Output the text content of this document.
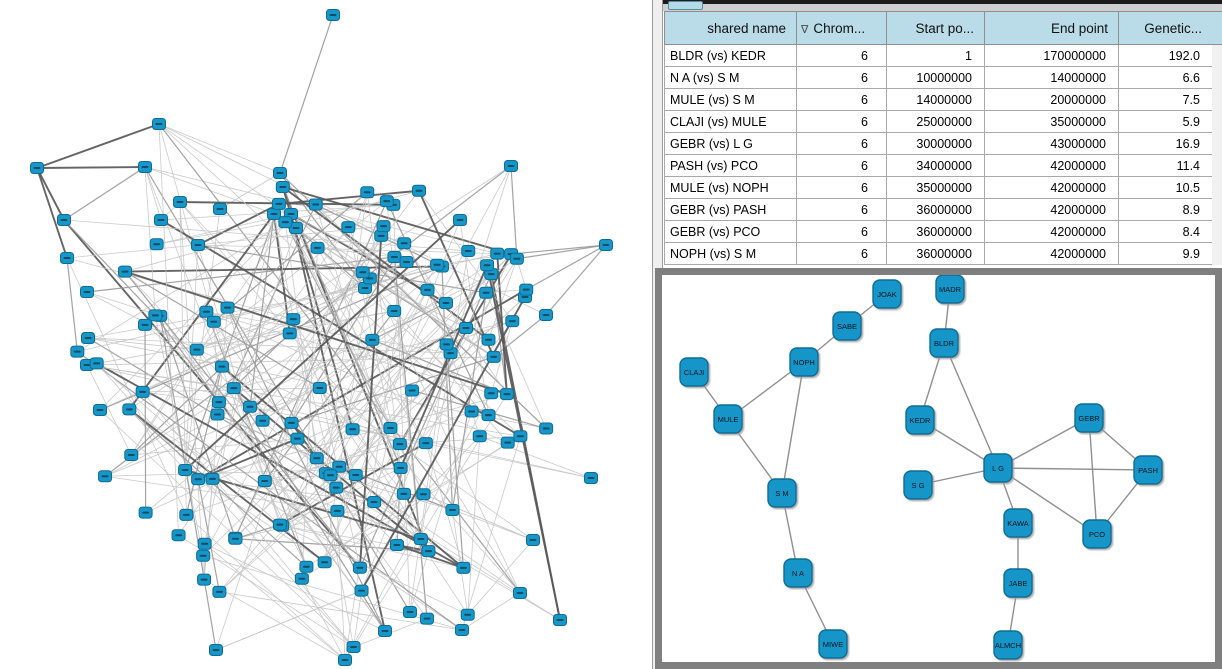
shared name	∇ Chrom...	Start po...	End point	Genetic...
BLDR (vs) KEDR	6	1	170000000	192.0
N A (vs) S M	6	10000000	14000000	6.6
MULE (vs) S M	6	14000000	20000000	7.5
CLAJI (vs) MULE	6	25000000	35000000	5.9
GEBR (vs) L G	6	30000000	43000000	16.9
PASH (vs) PCO	6	34000000	42000000	11.4
MULE (vs) NOPH	6	35000000	42000000	10.5
GEBR (vs) PASH	6	36000000	42000000	8.9
GEBR (vs) PCO	6	36000000	42000000	8.4
NOPH (vs) S M	6	36000000	42000000	9.9
JOAK
SABE
MADR
BLDR
NOPH
CLAJI
MULE	KEDR	GEBR
L G	PASH
S G
S M
KAWA
PCO
N A
JABE
MIWE	ALMCH
